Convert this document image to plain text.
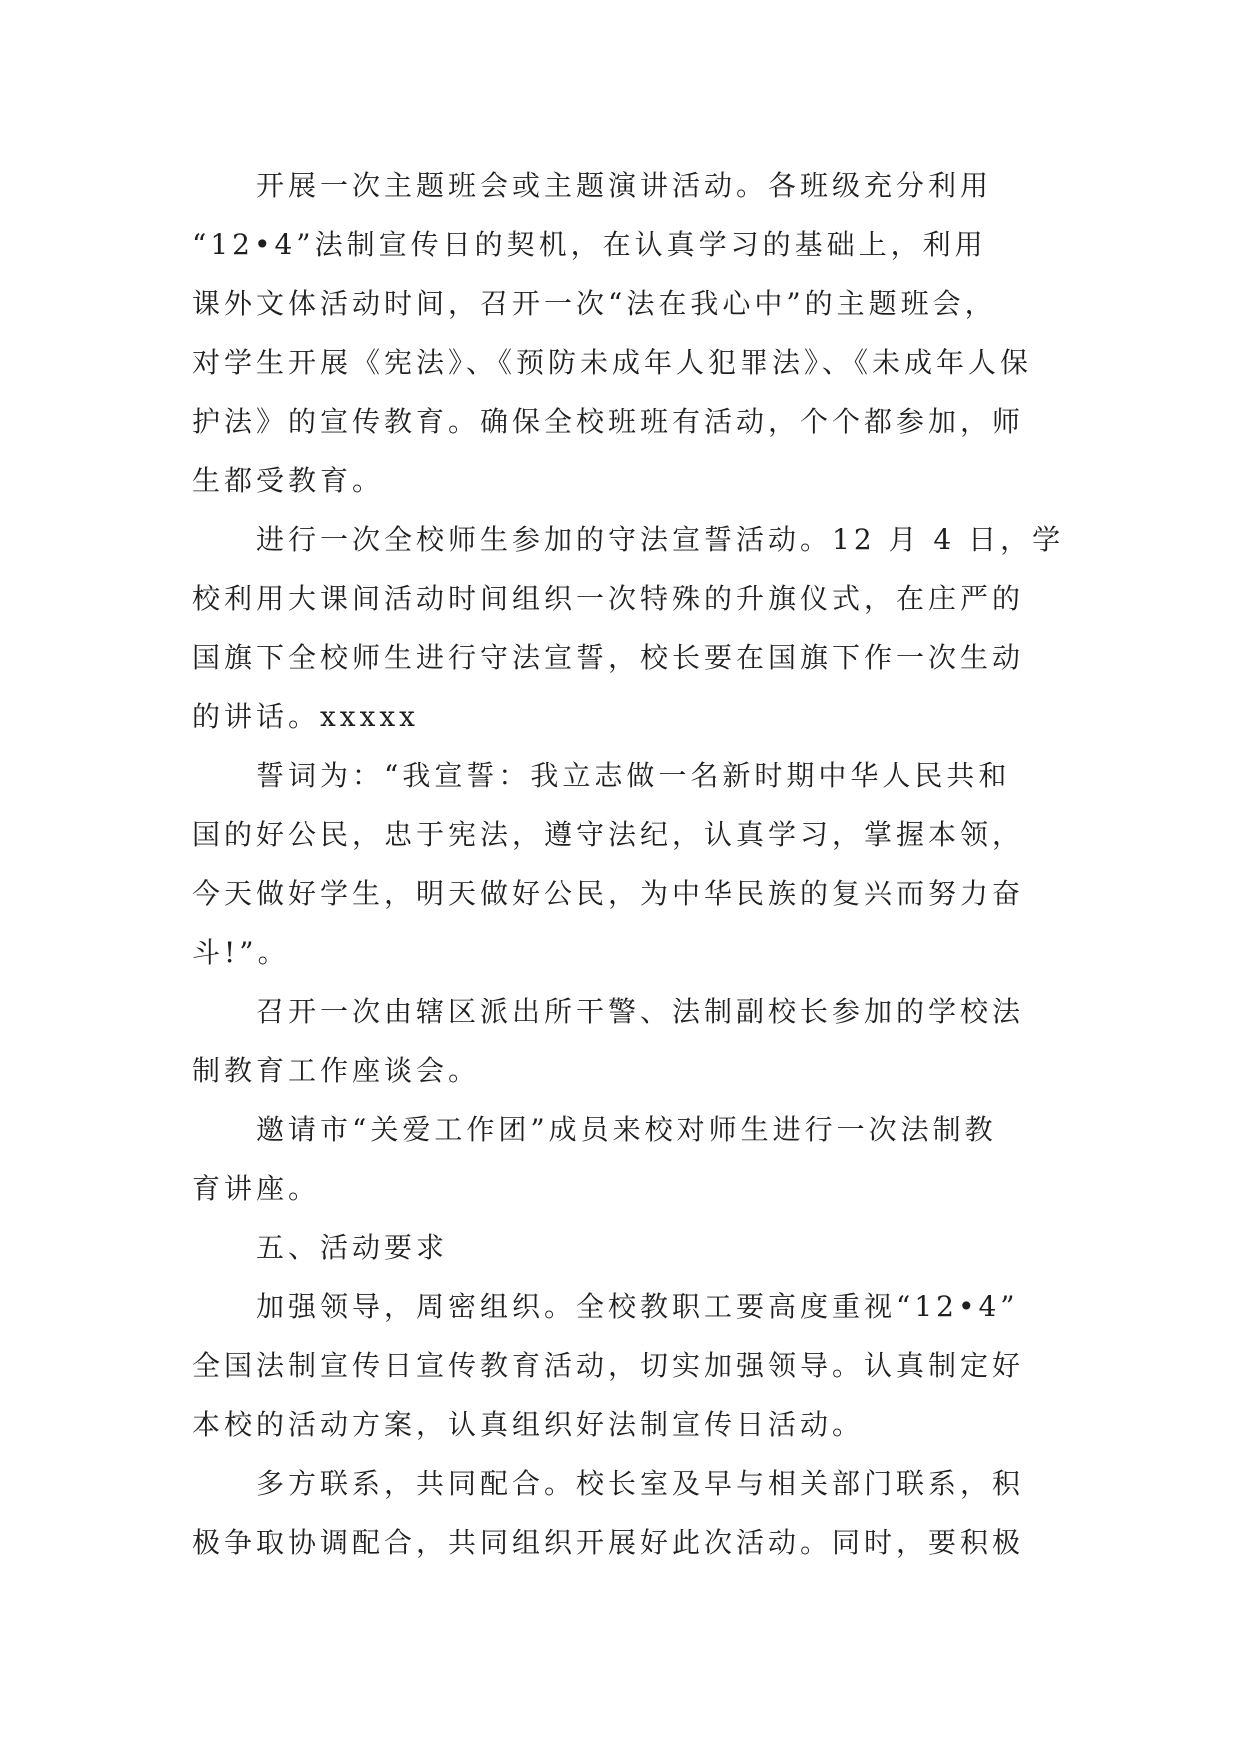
开展一次主题班会或主题演讲活动。各班级充分利用
“12•4”法制宣传日的契机，在认真学习的基础上，利用
课外文体活动时间，召开一次“法在我心中”的主题班会，
对学生开展《宪法》、《预防未成年人犯罪法》、《未成年人保
护法》的宣传教育。确保全校班班有活动，个个都参加，师
生都受教育。
进行一次全校师生参加的守法宣誓活动。12 月 4 日，学
校利用大课间活动时间组织一次特殊的升旗仪式，在庄严的
国旗下全校师生进行守法宣誓，校长要在国旗下作一次生动
的讲话。xxxxx
誓词为：“我宣誓：我立志做一名新时期中华人民共和
国的好公民，忠于宪法，遵守法纪，认真学习，掌握本领，
今天做好学生，明天做好公民，为中华民族的复兴而努力奋
斗!”。
召开一次由辖区派出所干警、法制副校长参加的学校法
制教育工作座谈会。
邀请市“关爱工作团”成员来校对师生进行一次法制教
育讲座。
五、活动要求
加强领导，周密组织。全校教职工要高度重视“12•4”
全国法制宣传日宣传教育活动，切实加强领导。认真制定好
本校的活动方案，认真组织好法制宣传日活动。
多方联系，共同配合。校长室及早与相关部门联系，积
极争取协调配合，共同组织开展好此次活动。同时，要积极
